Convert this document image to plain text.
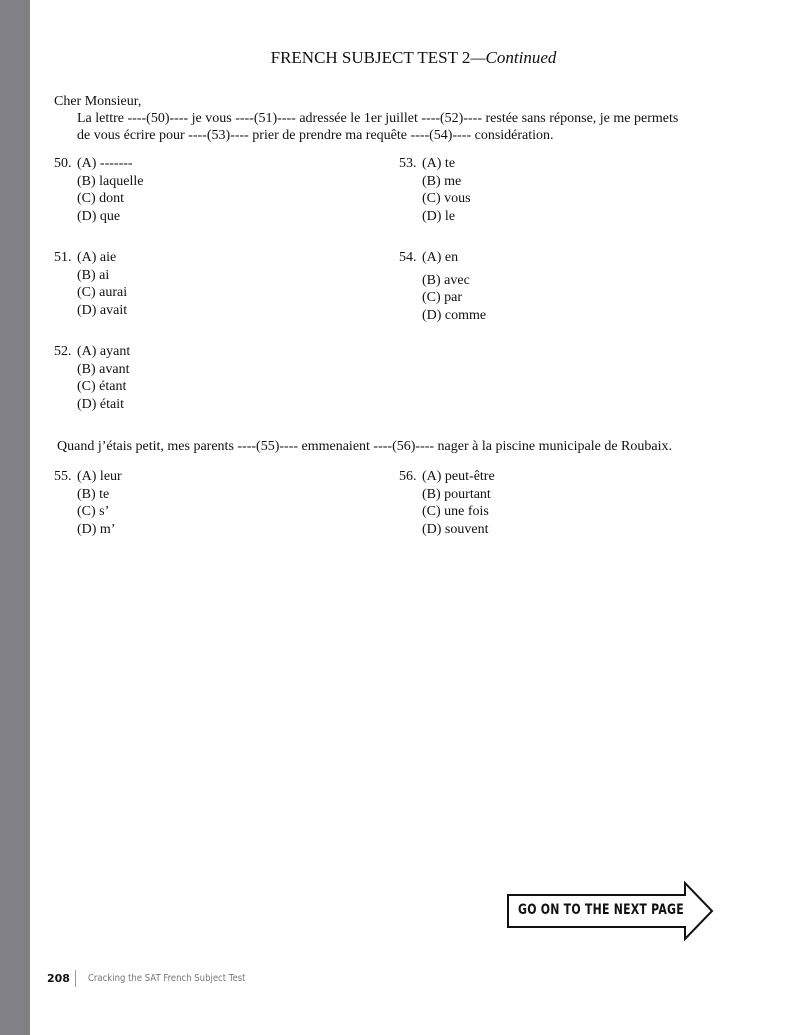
FRENCH SUBJECT TEST 2—Continued
Cher Monsieur,
La lettre ----(50)---- je vous ----(51)---- adressée le 1er juillet ----(52)---- restée sans réponse, je me permets
de vous écrire pour ----(53)---- prier de prendre ma requête ----(54)---- considération.
50. (A) -------
(B) laquelle
(C) dont
(D) que
51. (A) aie
(B) ai
(C) aurai
(D) avait
52. (A) ayant
(B) avant
(C) étant
(D) était
53. (A) te
(B) me
(C) vous
(D) le
54. (A) en
(B) avec
(C) par
(D) comme
Quand j’étais petit, mes parents ----(55)---- emmenaient ----(56)---- nager à la piscine municipale de Roubaix.
55. (A) leur
(B) te
(C) s’
(D) m’
56. (A) peut-être
(B) pourtant
(C) une fois
(D) souvent
GO ON TO THE NEXT PAGE
208 Cracking the SAT French Subject Test
